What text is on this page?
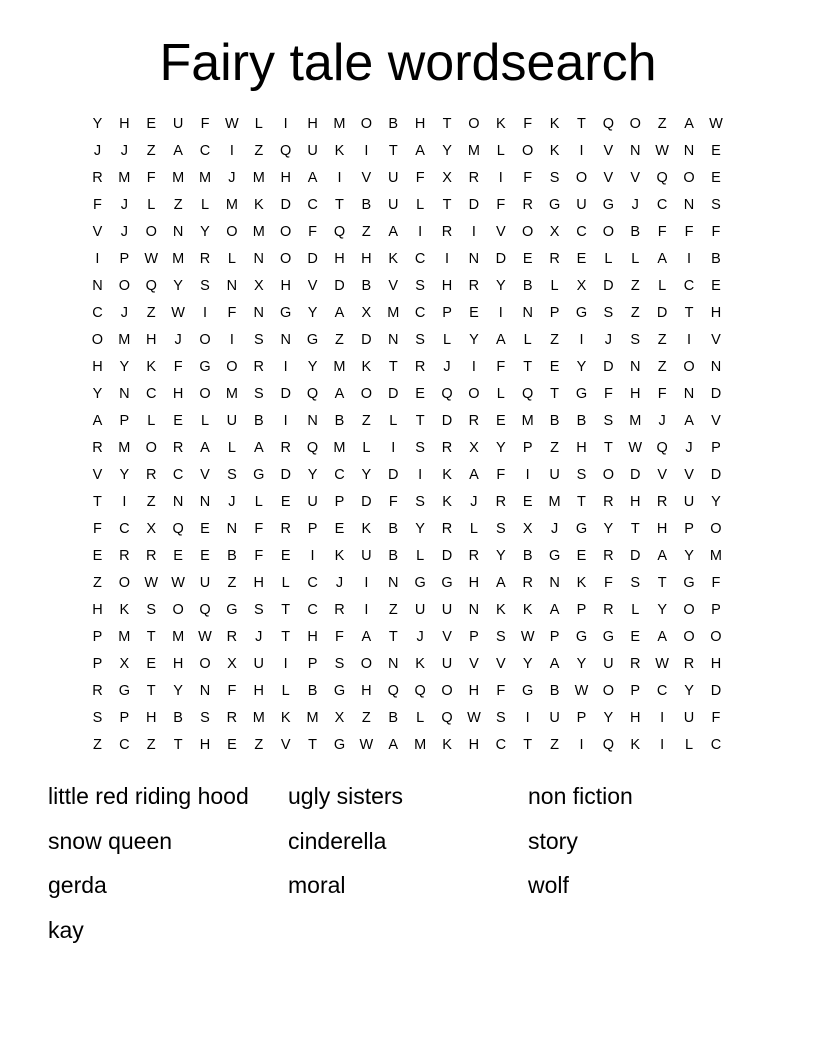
Fairy tale wordsearch
Y	H	E	U	F	W	L	I	H	M	O	B	H	T	O	K	F	K	T	Q	O	Z	A	W
J	J	Z	A	C	I	Z	Q	U	K	I	T	A	Y	M	L	O	K	I	V	N	W	N	E
R	M	F	M	M	J	M	H	A	I	V	U	F	X	R	I	F	S	O	V	V	Q	O	E
F	J	L	Z	L	M	K	D	C	T	B	U	L	T	D	F	R	G	U	G	J	C	N	S
V	J	O	N	Y	O	M	O	F	Q	Z	A	I	R	I	V	O	X	C	O	B	F	F	F
I	P	W M	R	L	N	O	D	H	H	K	C	I	N	D	E	R	E	L	L	A	I	B
N	O	Q	Y	S	N	X	H	V	D	B	V	S	H	R	Y	B	L	X	D	Z	L	C	E
C	J	Z	W	I	F	N	G	Y	A	X	M	C	P	E	I	N	P	G	S	Z	D	T	H
O	M	H	J	O	I	S	N	G	Z	D	N	S	L	Y	A	L	Z	I	J	S	Z	I	V
H	Y	K	F	G	O	R	I	Y	M	K	T	R	J	I	F	T	E	Y	D	N	Z	O	N
Y	N	C	H	O	M	S	D	Q	A	O	D	E	Q	O	L	Q	T	G	F	H	F	N	D
A	P	L	E	L	U	B	I	N	B	Z	L	T	D	R	E	M	B	B	S	M	J	A	V
R	M	O	R	A	L	A	R	Q	M	L	I	S	R	X	Y	P	Z	H	T	W Q	J	P
V	Y	R	C	V	S	G	D	Y	C	Y	D	I	K	A	F	I	U	S	O	D	V	V	D
T	I	Z	N	N	J	L	E	U	P	D	F	S	K	J	R	E	M	T	R	H	R	U	Y
F	C	X	Q	E	N	F	R	P	E	K	B	Y	R	L	S	X	J	G	Y	T	H	P	O
E	R	R	E	E	B	F	E	I	K	U	B	L	D	R	Y	B	G	E	R	D	A	Y	M
Z	O W W	U	Z	H	L	C	J	I	N	G	G	H	A	R	N	K	F	S	T	G	F
H	K	S	O	Q	G	S	T	C	R	I	Z	U	U	N	K	K	A	P	R	L	Y	O	P
P	M	T	M W	R	J	T	H	F	A	T	J	V	P	S	W	P	G	G	E	A	O	O
P	X	E	H	O	X	U	I	P	S	O	N	K	U	V	V	Y	A	Y	U	R	W	R	H
R	G	T	Y	N	F	H	L	B	G	H	Q	Q	O	H	F	G	B	W O	P	C	Y	D
S	P	H	B	S	R	M	K	M	X	Z	B	L	Q W	S	I	U	P	Y	H	I	U	F
Z	C	Z	T	H	E	Z	V	T	G W	A	M	K	H	C	T	Z	I	Q	K	I	L	C
little red riding hood	ugly sisters	non fiction
snow queen	cinderella	story
gerda	moral	wolf
kay
